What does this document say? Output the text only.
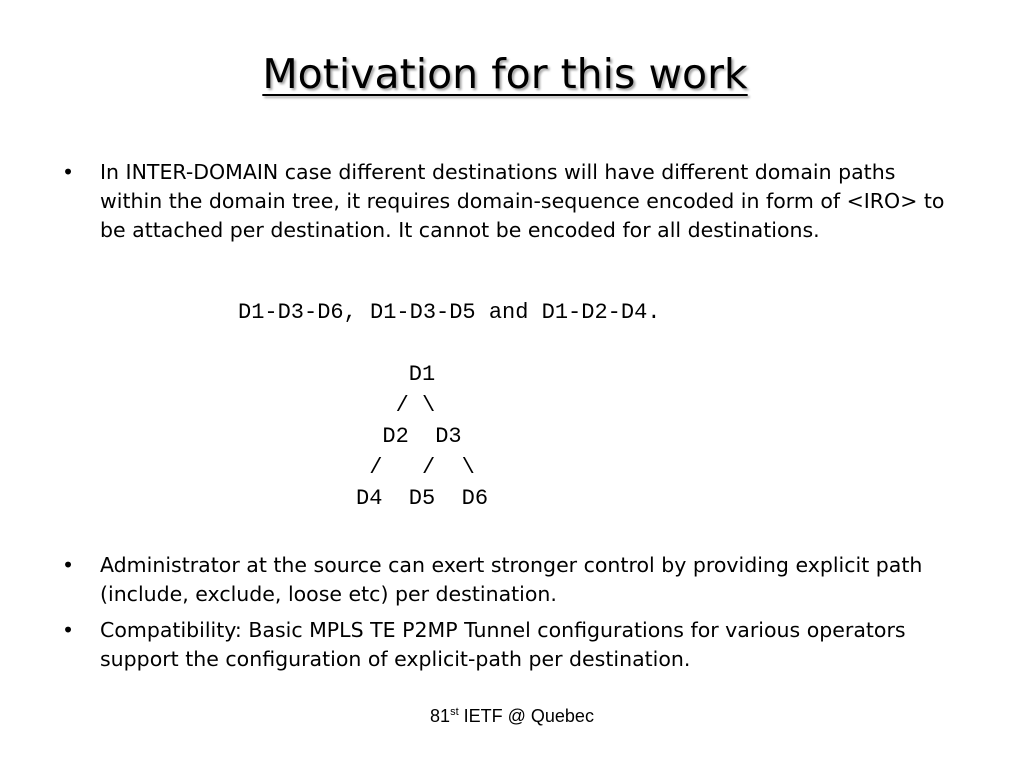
Motivation for this work
• In INTER-DOMAIN case different destinations will have different domain paths within the domain tree, it requires domain-sequence encoded in form of <IRO> to be attached per destination. It cannot be encoded for all destinations.
D1-D3-D6, D1-D3-D5 and D1-D2-D4.
D1
/ \
D2  D3
/   /  \
D4  D5  D6
• Administrator at the source can exert stronger control by providing explicit path (include, exclude, loose etc) per destination.
• Compatibility: Basic MPLS TE P2MP Tunnel configurations for various operators support the configuration of explicit-path per destination.
81st IETF @ Quebec
